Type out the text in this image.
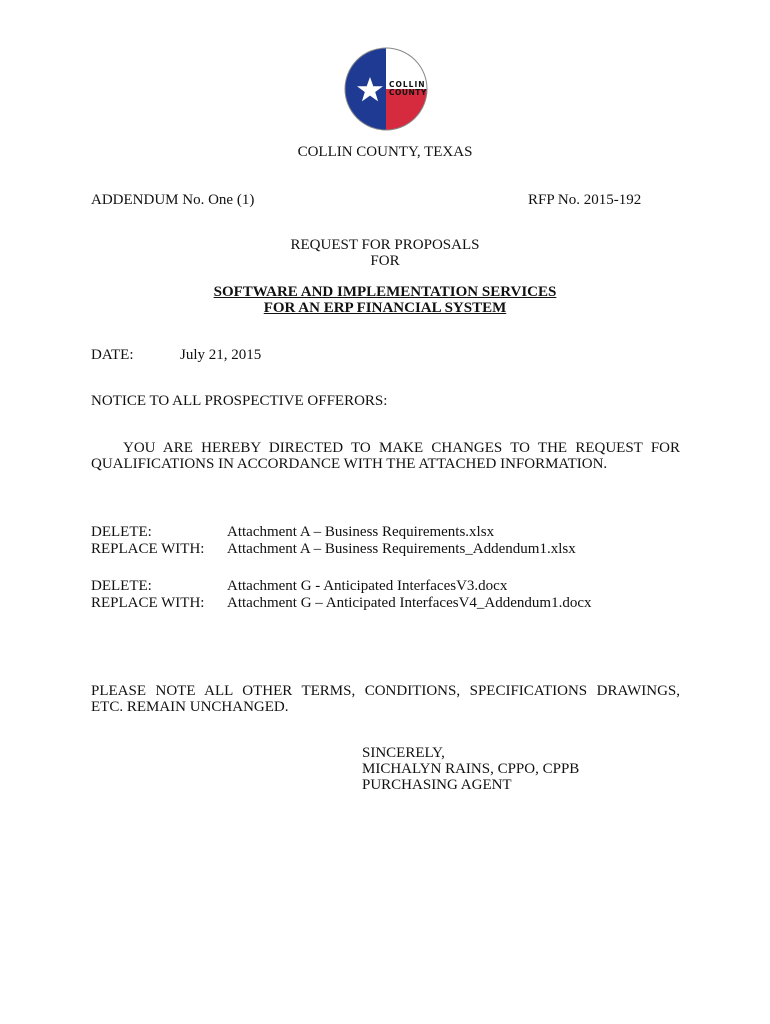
COLLIN
COUNTY
COLLIN COUNTY, TEXAS
ADDENDUM No. One (1)	RFP No. 2015-192
REQUEST FOR PROPOSALS
FOR
SOFTWARE AND IMPLEMENTATION SERVICES
FOR AN ERP FINANCIAL SYSTEM
DATE:	July 21, 2015
NOTICE TO ALL PROSPECTIVE OFFERORS:
YOU ARE HEREBY DIRECTED TO MAKE CHANGES TO THE REQUEST FOR
QUALIFICATIONS IN ACCORDANCE WITH THE ATTACHED INFORMATION.
DELETE:	Attachment A – Business Requirements.xlsx
REPLACE WITH: Attachment A – Business Requirements_Addendum1.xlsx
DELETE:	Attachment G - Anticipated InterfacesV3.docx
REPLACE WITH: Attachment G – Anticipated InterfacesV4_Addendum1.docx
PLEASE NOTE ALL OTHER TERMS, CONDITIONS, SPECIFICATIONS DRAWINGS,
ETC. REMAIN UNCHANGED.
SINCERELY,
MICHALYN RAINS, CPPO, CPPB
PURCHASING AGENT
